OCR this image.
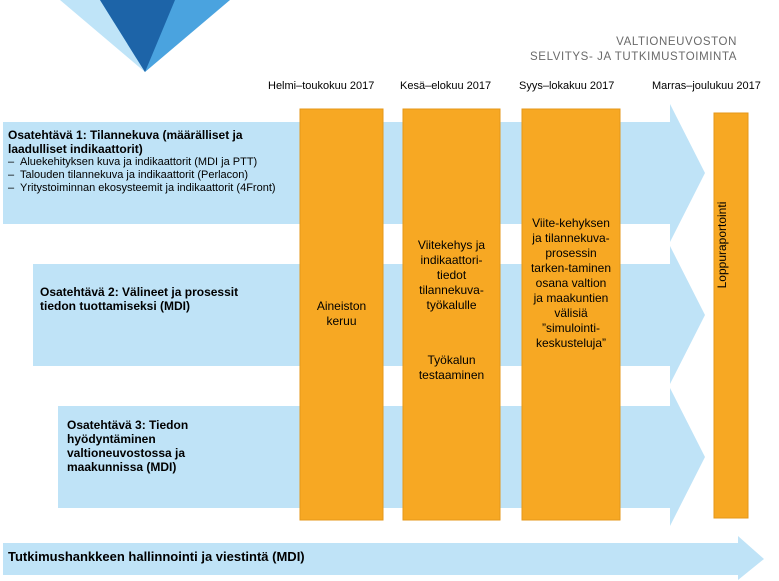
VALTIONEUVOSTON
SELVITYS- JA TUTKIMUSTOIMINTA
Helmi–toukokuu 2017 Kesä–elokuu 2017	Syys–lokakuu 2017	Marras–joulukuu 2017
Osatehtävä 1: Tilannekuva (määrälliset ja laadulliset indikaattorit)
– Aluekehityksen kuva ja indikaattorit (MDI ja PTT)
– Talouden tilannekuva ja indikaattorit (Perlacon)
– Yritystoiminnan ekosysteemit ja indikaattorit (4Front)
Osatehtävä 2: Välineet ja prosessit tiedon tuottamiseksi (MDI)
Osatehtävä 3: Tiedon hyödyntäminen valtioneuvostossa ja maakunnissa (MDI)
Aineiston keruu
Viitekehys ja indikaattori-tiedot tilannekuva-työkalulle
Työkalun testaaminen
Viite-kehyksen ja tilannekuva-prosessin tarken-taminen osana valtion ja maakuntien välisiä ”simulointi-keskusteluja”
Loppuraportointi
Tutkimushankkeen hallinnointi ja viestintä (MDI)
